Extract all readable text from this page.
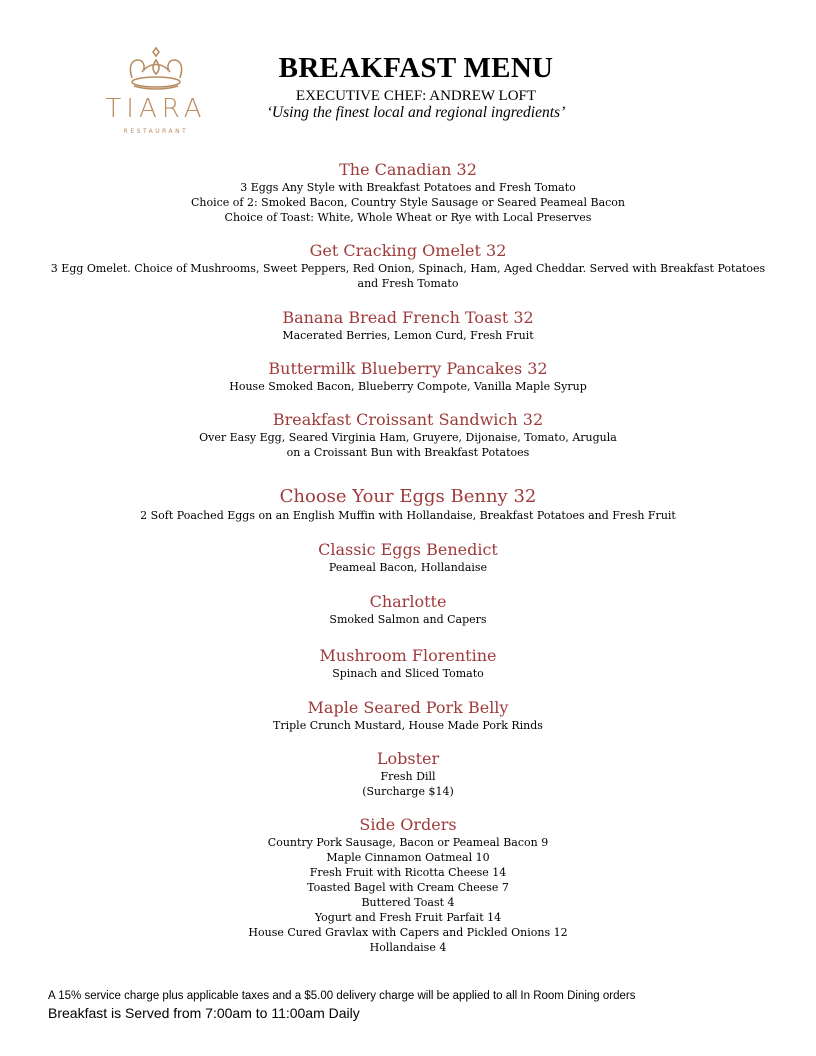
TIARA
RESTAURANT
BREAKFAST MENU
EXECUTIVE CHEF: ANDREW LOFT
‘Using the finest local and regional ingredients’
The Canadian 32
3 Eggs Any Style with Breakfast Potatoes and Fresh Tomato
Choice of 2: Smoked Bacon, Country Style Sausage or Seared Peameal Bacon
Choice of Toast: White, Whole Wheat or Rye with Local Preserves
Get Cracking Omelet 32
3 Egg Omelet. Choice of Mushrooms, Sweet Peppers, Red Onion, Spinach, Ham, Aged Cheddar. Served with Breakfast Potatoes
and Fresh Tomato
Banana Bread French Toast 32
Macerated Berries, Lemon Curd, Fresh Fruit
Buttermilk Blueberry Pancakes 32
House Smoked Bacon, Blueberry Compote, Vanilla Maple Syrup
Breakfast Croissant Sandwich 32
Over Easy Egg, Seared Virginia Ham, Gruyere, Dijonaise, Tomato, Arugula
on a Croissant Bun with Breakfast Potatoes
Choose Your Eggs Benny 32
2 Soft Poached Eggs on an English Muffin with Hollandaise, Breakfast Potatoes and Fresh Fruit
Classic Eggs Benedict
Peameal Bacon, Hollandaise
Charlotte
Smoked Salmon and Capers
Mushroom Florentine
Spinach and Sliced Tomato
Maple Seared Pork Belly
Triple Crunch Mustard, House Made Pork Rinds
Lobster
Fresh Dill
(Surcharge $14)
Side Orders
Country Pork Sausage, Bacon or Peameal Bacon 9
Maple Cinnamon Oatmeal 10
Fresh Fruit with Ricotta Cheese 14
Toasted Bagel with Cream Cheese 7
Buttered Toast 4
Yogurt and Fresh Fruit Parfait 14
House Cured Gravlax with Capers and Pickled Onions 12
Hollandaise 4
A 15% service charge plus applicable taxes and a $5.00 delivery charge will be applied to all In Room Dining orders
Breakfast is Served from 7:00am to 11:00am Daily
